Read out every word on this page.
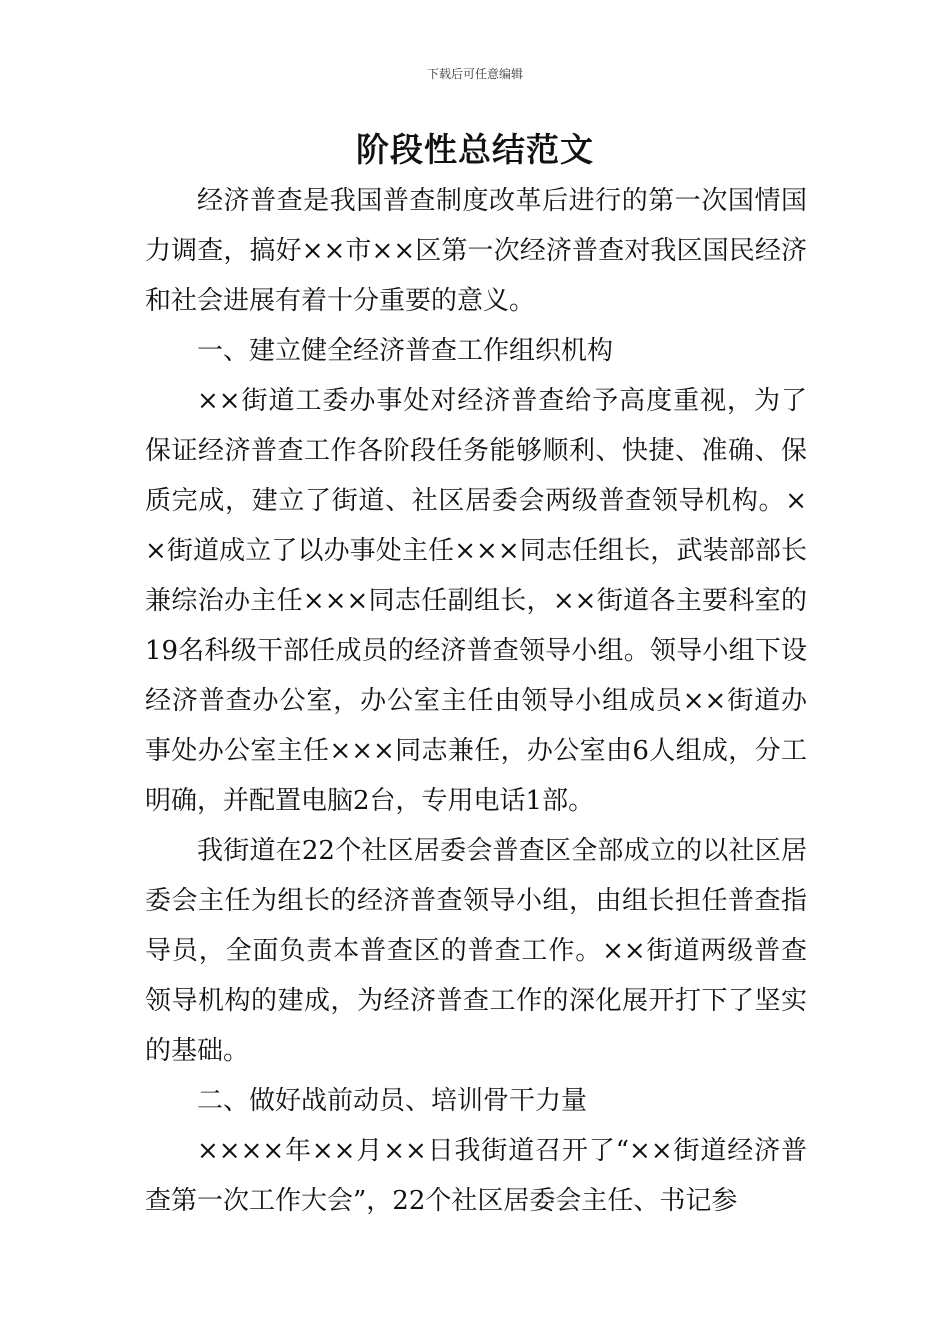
下载后可任意编辑
阶段性总结范文

经济普查是我国普查制度改革后进行的第一次国情国力调查，搞好××市××区第一次经济普查对我区国民经济和社会进展有着十分重要的意义。

一、建立健全经济普查工作组织机构

××街道工委办事处对经济普查给予高度重视，为了保证经济普查工作各阶段任务能够顺利、快捷、准确、保质完成，建立了街道、社区居委会两级普查领导机构。××街道成立了以办事处主任×××同志任组长，武装部部长兼综治办主任×××同志任副组长，××街道各主要科室的19名科级干部任成员的经济普查领导小组。领导小组下设经济普查办公室，办公室主任由领导小组成员××街道办事处办公室主任×××同志兼任，办公室由6人组成，分工明确，并配置电脑2台，专用电话1部。

我街道在22个社区居委会普查区全部成立的以社区居委会主任为组长的经济普查领导小组，由组长担任普查指导员，全面负责本普查区的普查工作。××街道两级普查领导机构的建成，为经济普查工作的深化展开打下了坚实的基础。

二、做好战前动员、培训骨干力量

××××年××月××日我街道召开了“××街道经济普查第一次工作大会”，22个社区居委会主任、书记参
